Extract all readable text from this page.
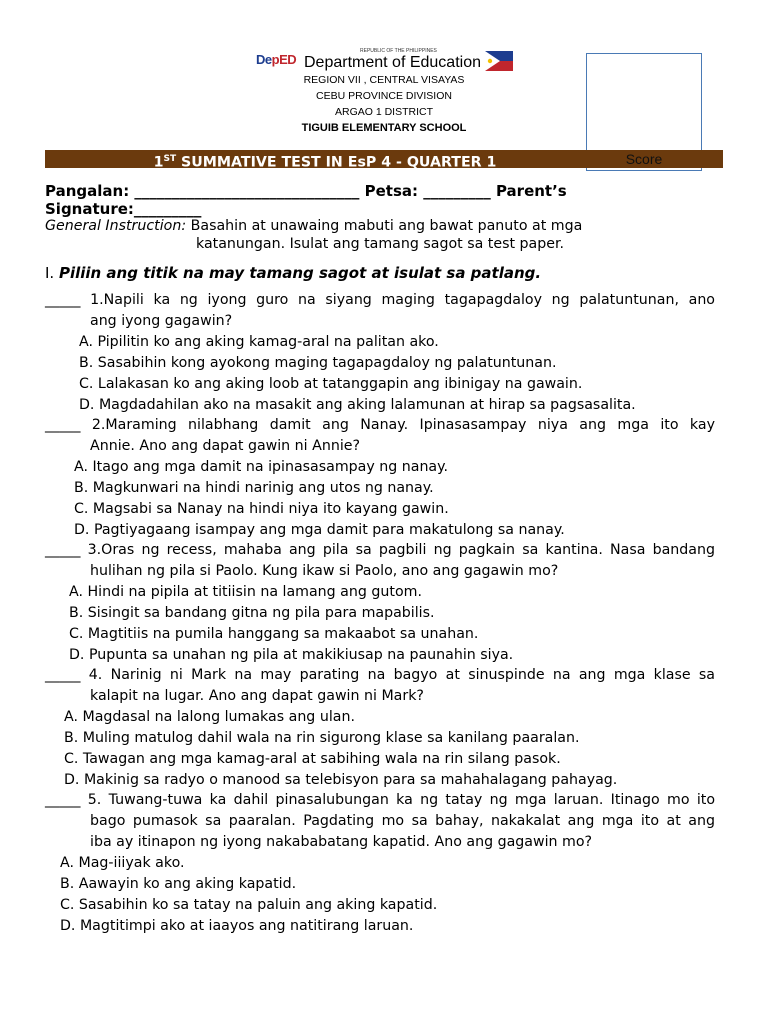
DepED
REPUBLIC OF THE PHILIPPINES
Department of Education
REGION VII , CENTRAL VISAYAS
CEBU PROVINCE DIVISION
ARGAO 1 DISTRICT
TIGUIB ELEMENTARY SCHOOL
1ST SUMMATIVE TEST IN EsP 4 - QUARTER 1	Score
Pangalan: ______________________________ Petsa: _________ Parent’s
Signature:_________
General Instruction: Basahin at unawaing mabuti ang bawat panuto at mga
katanungan. Isulat ang tamang sagot sa test paper.
I. Piliin ang titik na may tamang sagot at isulat sa patlang.
_____ 1.Napili ka ng iyong guro na siyang maging tagapagdaloy ng palatuntunan, ano
ang iyong gagawin?
A. Pipilitin ko ang aking kamag-aral na palitan ako.
B. Sasabihin kong ayokong maging tagapagdaloy ng palatuntunan.
C. Lalakasan ko ang aking loob at tatanggapin ang ibinigay na gawain.
D. Magdadahilan ako na masakit ang aking lalamunan at hirap sa pagsasalita.
_____ 2.Maraming nilabhang damit ang Nanay. Ipinasasampay niya ang mga ito kay
Annie. Ano ang dapat gawin ni Annie?
A. Itago ang mga damit na ipinasasampay ng nanay.
B. Magkunwari na hindi narinig ang utos ng nanay.
C. Magsabi sa Nanay na hindi niya ito kayang gawin.
D. Pagtiyagaang isampay ang mga damit para makatulong sa nanay.
_____ 3.Oras ng recess, mahaba ang pila sa pagbili ng pagkain sa kantina. Nasa bandang
hulihan ng pila si Paolo. Kung ikaw si Paolo, ano ang gagawin mo?
A. Hindi na pipila at titiisin na lamang ang gutom.
B. Sisingit sa bandang gitna ng pila para mapabilis.
C. Magtitiis na pumila hanggang sa makaabot sa unahan.
D. Pupunta sa unahan ng pila at makikiusap na paunahin siya.
_____ 4. Narinig ni Mark na may parating na bagyo at sinuspinde na ang mga klase sa
kalapit na lugar. Ano ang dapat gawin ni Mark?
A. Magdasal na lalong lumakas ang ulan.
B. Muling matulog dahil wala na rin sigurong klase sa kanilang paaralan.
C. Tawagan ang mga kamag-aral at sabihing wala na rin silang pasok.
D. Makinig sa radyo o manood sa telebisyon para sa mahahalagang pahayag.
_____ 5. Tuwang-tuwa ka dahil pinasalubungan ka ng tatay ng mga laruan. Itinago mo ito
bago pumasok sa paaralan. Pagdating mo sa bahay, nakakalat ang mga ito at ang
iba ay itinapon ng iyong nakababatang kapatid. Ano ang gagawin mo?
A. Mag-iiiyak ako.
B. Aawayin ko ang aking kapatid.
C. Sasabihin ko sa tatay na paluin ang aking kapatid.
D. Magtitimpi ako at iaayos ang natitirang laruan.
